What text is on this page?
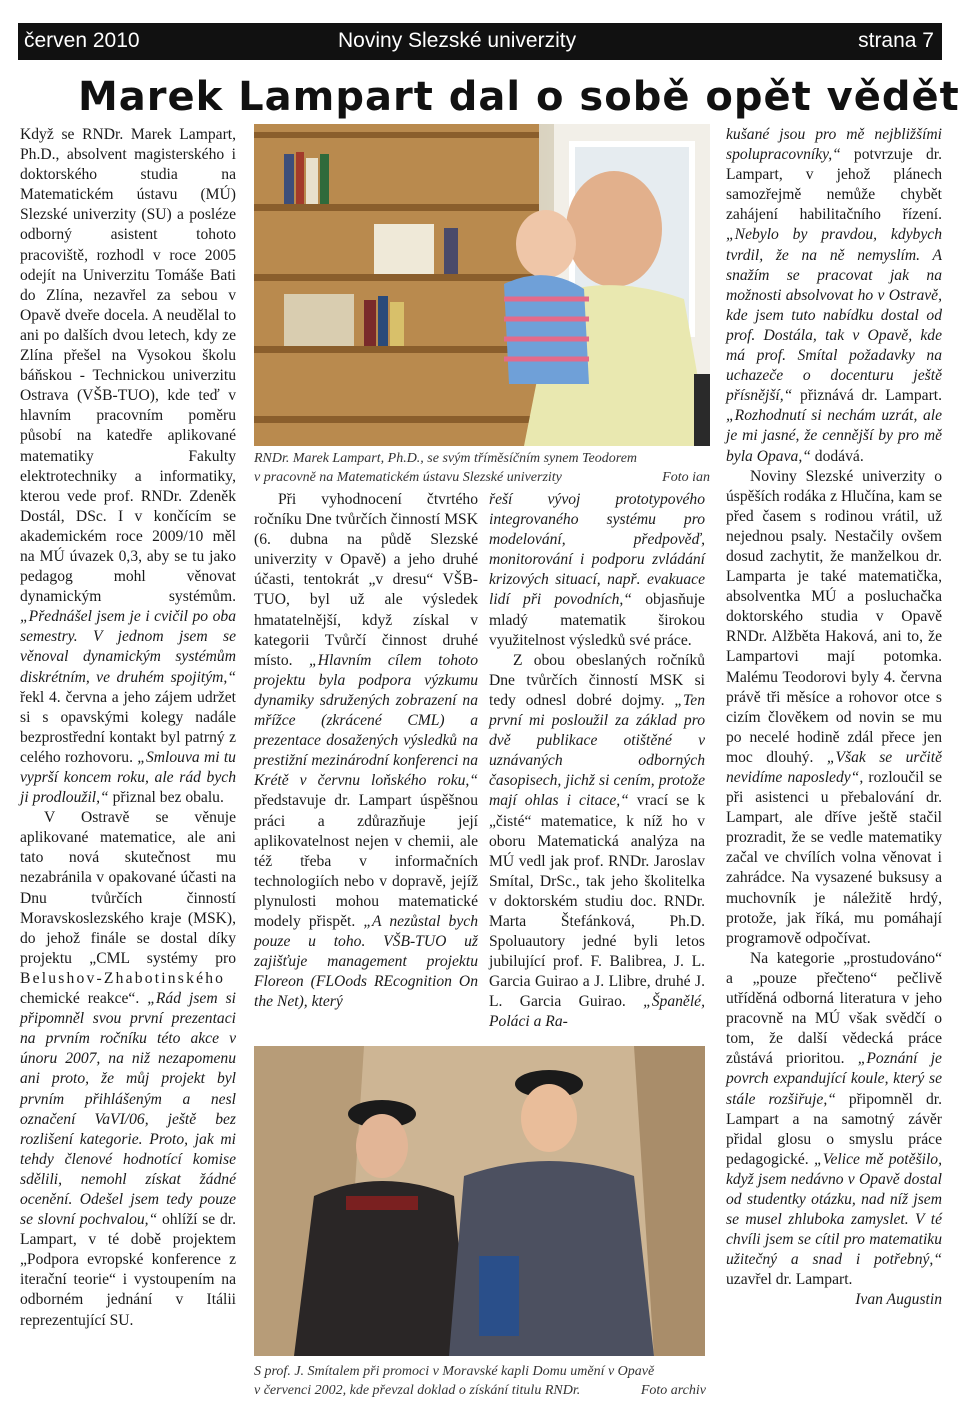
červen 2010	Noviny Slezské univerzity	strana 7
Marek Lampart dal o sobě opět vědět

Když se RNDr. Marek Lampart, Ph.D., absolvent magisterského i doktorského studia na Matematickém ústavu (MÚ) Slezské univerzity (SU) a posléze odborný asistent tohoto pracoviště, rozhodl v roce 2005 odejít na Univerzitu Tomáše Bati do Zlína, nezavřel za sebou v Opavě dveře docela. A neudělal to ani po dalších dvou letech, kdy ze Zlína přešel na Vysokou školu báňskou - Technickou univerzitu Ostrava (VŠB-TUO), kde teď v hlavním pracovním poměru působí na katedře aplikované matematiky Fakulty elektrotechniky a informatiky, kterou vede prof. RNDr. Zdeněk Dostál, DSc. I v končícím se akademickém roce 2009/10 měl na MÚ úvazek 0,3, aby se tu jako pedagog mohl věnovat dynamickým systémům. „Přednášel jsem je i cvičil po oba semestry. V jednom jsem se věnoval dynamickým systémům diskrétním, ve druhém spojitým,“ řekl 4. června a jeho zájem udržet si s opavskými kolegy nadále bezprostřední kontakt byl patrný z celého rozhovoru. „Smlouva mi tu vyprší koncem roku, ale rád bych ji prodloužil,“ přiznal bez obalu.

V Ostravě se věnuje aplikované matematice, ale ani tato nová skutečnost mu nezabránila v opakované účasti na Dnu tvůrčích činností Moravskoslezského kraje (MSK), do jehož finále se dostal díky projektu „CML systémy pro Belushov-Zhabotinského chemické reakce“. „Rád jsem si připomněl svou první prezentaci na prvním ročníku této akce v únoru 2007, na niž nezapomenu ani proto, že můj projekt byl prvním přihlášeným a nesl označení VaVI/06, ještě bez rozlišení kategorie. Proto, jak mi tehdy členové hodnotící komise sdělili, nemohl získat žádné ocenění. Odešel jsem tedy pouze se slovní pochvalou,“ ohlíží se dr. Lampart, v té době projektem „Podpora evropské konference z iterační teorie“ i vystoupením na odborném jednání v Itálii reprezentující SU.

RNDr. Marek Lampart, Ph.D., se svým tříměsíčním synem Teodorem
v pracovně na Matematickém ústavu Slezské univerzity	Foto ian

Při vyhodnocení čtvrtého ročníku Dne tvůrčích činností MSK (6. dubna na půdě Slezské univerzity v Opavě) a jeho druhé účasti, tentokrát „v dresu“ VŠB-TUO, byl už ale výsledek hmatatelnější, když získal v kategorii Tvůrčí činnost druhé místo. „Hlavním cílem tohoto projektu byla podpora výzkumu dynamiky sdružených zobrazení na mřížce (zkrácené CML) a prezentace dosažených výsledků na prestižní mezinárodní konferenci na Krétě v červnu loňského roku,“ představuje dr. Lampart úspěšnou práci a zdůrazňuje její aplikovatelnost nejen v chemii, ale též třeba v informačních technologiích nebo v dopravě, jejíž plynulosti mohou matematické modely přispět. „A nezůstal bych pouze u toho. VŠB-TUO už zajišťuje management projektu Floreon (FLOods REcognition On the Net), který

řeší vývoj prototypového integrovaného systému pro modelování, předpověď, monitorování i podporu zvládání krizových situací, např. evakuace lidí při povodních,“ objasňuje mladý matematik širokou využitelnost výsledků své práce.

Z obou obeslaných ročníků Dne tvůrčích činností MSK si tedy odnesl dobré dojmy. „Ten první mi posloužil za základ pro dvě publikace otištěné v uznávaných odborných časopisech, jichž si cením, protože mají ohlas i citace,“ vrací se k „čisté“ matematice, k níž ho v oboru Matematická analýza na MÚ vedl jak prof. RNDr. Jaroslav Smítal, DrSc., tak jeho školitelka v doktorském studiu doc. RNDr. Marta Štefánková, Ph.D. Spoluautory jedné byli letos jubilující prof. F. Balibrea, J. L. Garcia Guirao a J. Llibre, druhé J. L. Garcia Guirao. „Španělé, Poláci a Ra-

S prof. J. Smítalem při promoci v Moravské kapli Domu umění v Opavě
v červenci 2002, kde převzal doklad o získání titulu RNDr.	Foto archiv

kušané jsou pro mě nejbližšími spolupracovníky,“ potvrzuje dr. Lampart, v jehož plánech samozřejmě nemůže chybět zahájení habilitačního řízení. „Nebylo by pravdou, kdybych tvrdil, že na ně nemyslím. A snažím se pracovat jak na možnosti absolvovat ho v Ostravě, kde jsem tuto nabídku dostal od prof. Dostála, tak v Opavě, kde má prof. Smítal požadavky na uchazeče o docenturu ještě přísnější,“ přiznává dr. Lampart. „Rozhodnutí si nechám uzrát, ale je mi jasné, že cennější by pro mě byla Opava,“ dodává.

Noviny Slezské univerzity o úspěších rodáka z Hlučína, kam se před časem s rodinou vrátil, už nejednou psaly. Nestačily ovšem dosud zachytit, že manželkou dr. Lamparta je také matematička, absolventka MÚ a posluchačka doktorského studia v Opavě RNDr. Alžběta Haková, ani to, že Lampartovi mají potomka. Malému Teodorovi byly 4. června právě tři měsíce a rohovor otce s cizím člověkem od novin se mu po necelé hodině zdál přece jen moc dlouhý. „Však se určitě nevidíme naposledy“, rozloučil se při asistenci u přebalování dr. Lampart, ale dříve ještě stačil prozradit, že se vedle matematiky začal ve chvílích volna věnovat i zahrádce. Na vysazené buksusy a muchovník je náležitě hrdý, protože, jak říká, mu pomáhají programově odpočívat.

Na kategorie „prostudováno“ a „pouze přečteno“ pečlivě utříděná odborná literatura v jeho pracovně na MÚ však svědčí o tom, že další vědecká práce zůstává prioritou. „Poznání je povrch expandující koule, který se stále rozšiřuje,“ připomněl dr. Lampart a na samotný závěr přidal glosu o smyslu práce pedagogické. „Velice mě potěšilo, když jsem nedávno v Opavě dostal od studentky otázku, nad níž jsem se musel zhluboka zamyslet. V té chvíli jsem se cítil pro matematiku užitečný a snad i potřebný,“ uzavřel dr. Lampart.
Ivan Augustin
